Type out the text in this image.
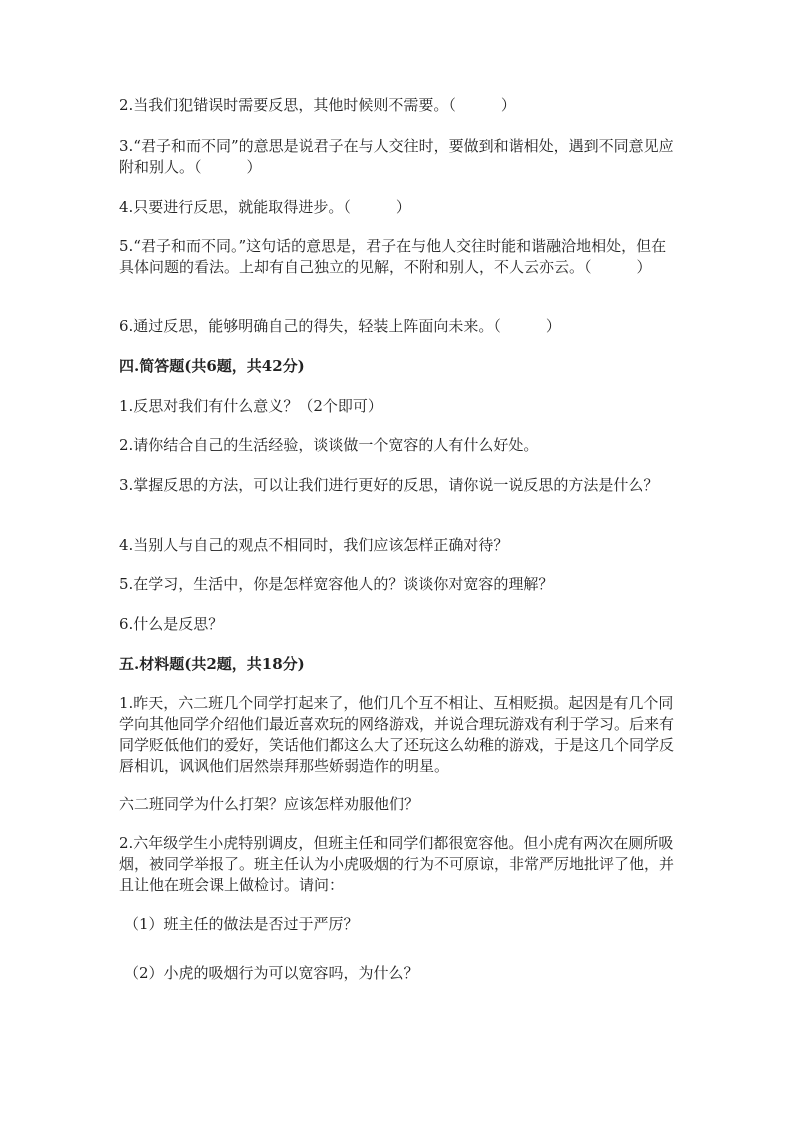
2.当我们犯错误时需要反思，其他时候则不需要。（　　　）

3.“君子和而不同”的意思是说君子在与人交往时，要做到和谐相处，遇到不同意见应附和别人。（　　　）

4.只要进行反思，就能取得进步。（　　　）

5.“君子和而不同。”这句话的意思是，君子在与他人交往时能和谐融洽地相处，但在具体问题的看法。上却有自己独立的见解，不附和别人，不人云亦云。（　　　）

6.通过反思，能够明确自己的得失，轻装上阵面向未来。（　　　）

四.简答题(共6题，共42分)

1.反思对我们有什么意义？（2个即可）

2.请你结合自己的生活经验，谈谈做一个宽容的人有什么好处。

3.掌握反思的方法，可以让我们进行更好的反思，请你说一说反思的方法是什么？

4.当别人与自己的观点不相同时，我们应该怎样正确对待？

5.在学习，生活中，你是怎样宽容他人的？谈谈你对宽容的理解？

6.什么是反思？

五.材料题(共2题，共18分)

1.昨天，六二班几个同学打起来了，他们几个互不相让、互相贬损。起因是有几个同学向其他同学介绍他们最近喜欢玩的网络游戏，并说合理玩游戏有利于学习。后来有同学贬低他们的爱好，笑话他们都这么大了还玩这么幼稚的游戏，于是这几个同学反唇相讥，讽讽他们居然崇拜那些娇弱造作的明星。

六二班同学为什么打架？应该怎样劝服他们？

2.六年级学生小虎特别调皮，但班主任和同学们都很宽容他。但小虎有两次在厕所吸烟，被同学举报了。班主任认为小虎吸烟的行为不可原谅，非常严厉地批评了他，并且让他在班会课上做检讨。请问：

（1）班主任的做法是否过于严厉？

（2）小虎的吸烟行为可以宽容吗，为什么？
